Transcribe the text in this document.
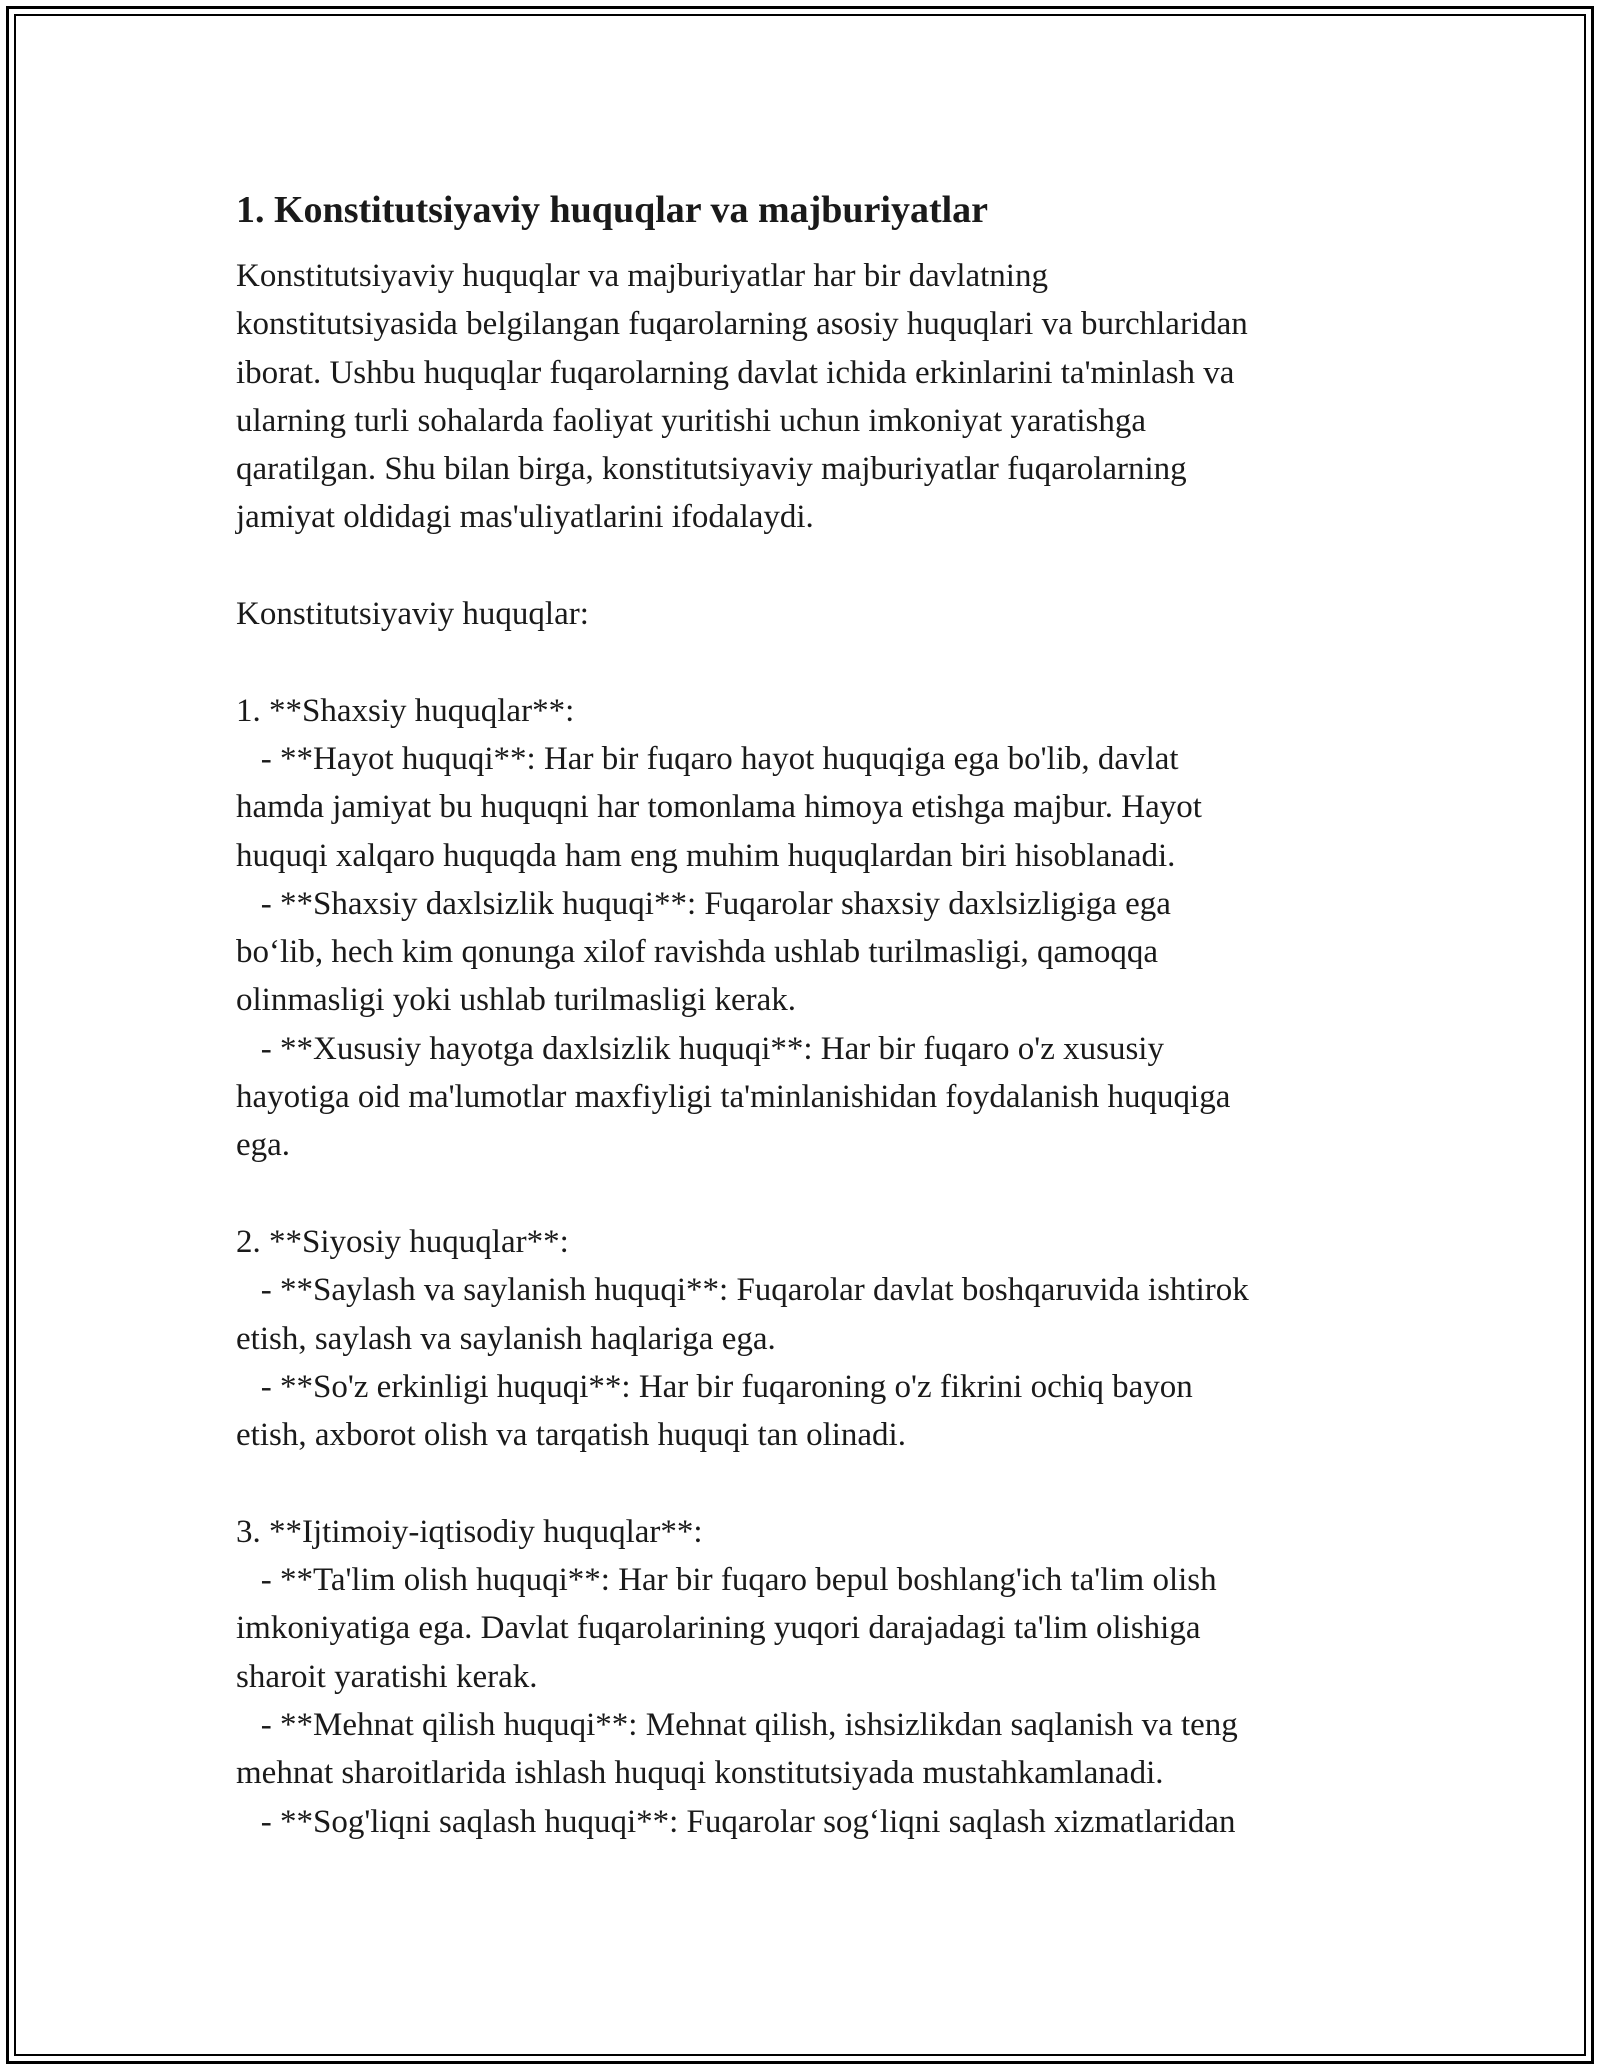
1. Konstitutsiyaviy huquqlar va majburiyatlar

Konstitutsiyaviy huquqlar va majburiyatlar har bir davlatning
konstitutsiyasida belgilangan fuqarolarning asosiy huquqlari va burchlaridan
iborat. Ushbu huquqlar fuqarolarning davlat ichida erkinlarini ta'minlash va
ularning turli sohalarda faoliyat yuritishi uchun imkoniyat yaratishga
qaratilgan. Shu bilan birga, konstitutsiyaviy majburiyatlar fuqarolarning
jamiyat oldidagi mas'uliyatlarini ifodalaydi.

Konstitutsiyaviy huquqlar:

1. **Shaxsiy huquqlar**:
- **Hayot huquqi**: Har bir fuqaro hayot huquqiga ega bo'lib, davlat
hamda jamiyat bu huquqni har tomonlama himoya etishga majbur. Hayot
huquqi xalqaro huquqda ham eng muhim huquqlardan biri hisoblanadi.
- **Shaxsiy daxlsizlik huquqi**: Fuqarolar shaxsiy daxlsizligiga ega
bo‘lib, hech kim qonunga xilof ravishda ushlab turilmasligi, qamoqqa
olinmasligi yoki ushlab turilmasligi kerak.
- **Xususiy hayotga daxlsizlik huquqi**: Har bir fuqaro o'z xususiy
hayotiga oid ma'lumotlar maxfiyligi ta'minlanishidan foydalanish huquqiga
ega.

2. **Siyosiy huquqlar**:
- **Saylash va saylanish huquqi**: Fuqarolar davlat boshqaruvida ishtirok
etish, saylash va saylanish haqlariga ega.
- **So'z erkinligi huquqi**: Har bir fuqaroning o'z fikrini ochiq bayon
etish, axborot olish va tarqatish huquqi tan olinadi.

3. **Ijtimoiy-iqtisodiy huquqlar**:
- **Ta'lim olish huquqi**: Har bir fuqaro bepul boshlang'ich ta'lim olish
imkoniyatiga ega. Davlat fuqarolarining yuqori darajadagi ta'lim olishiga
sharoit yaratishi kerak.
- **Mehnat qilish huquqi**: Mehnat qilish, ishsizlikdan saqlanish va teng
mehnat sharoitlarida ishlash huquqi konstitutsiyada mustahkamlanadi.
- **Sog'liqni saqlash huquqi**: Fuqarolar sog‘liqni saqlash xizmatlaridan
